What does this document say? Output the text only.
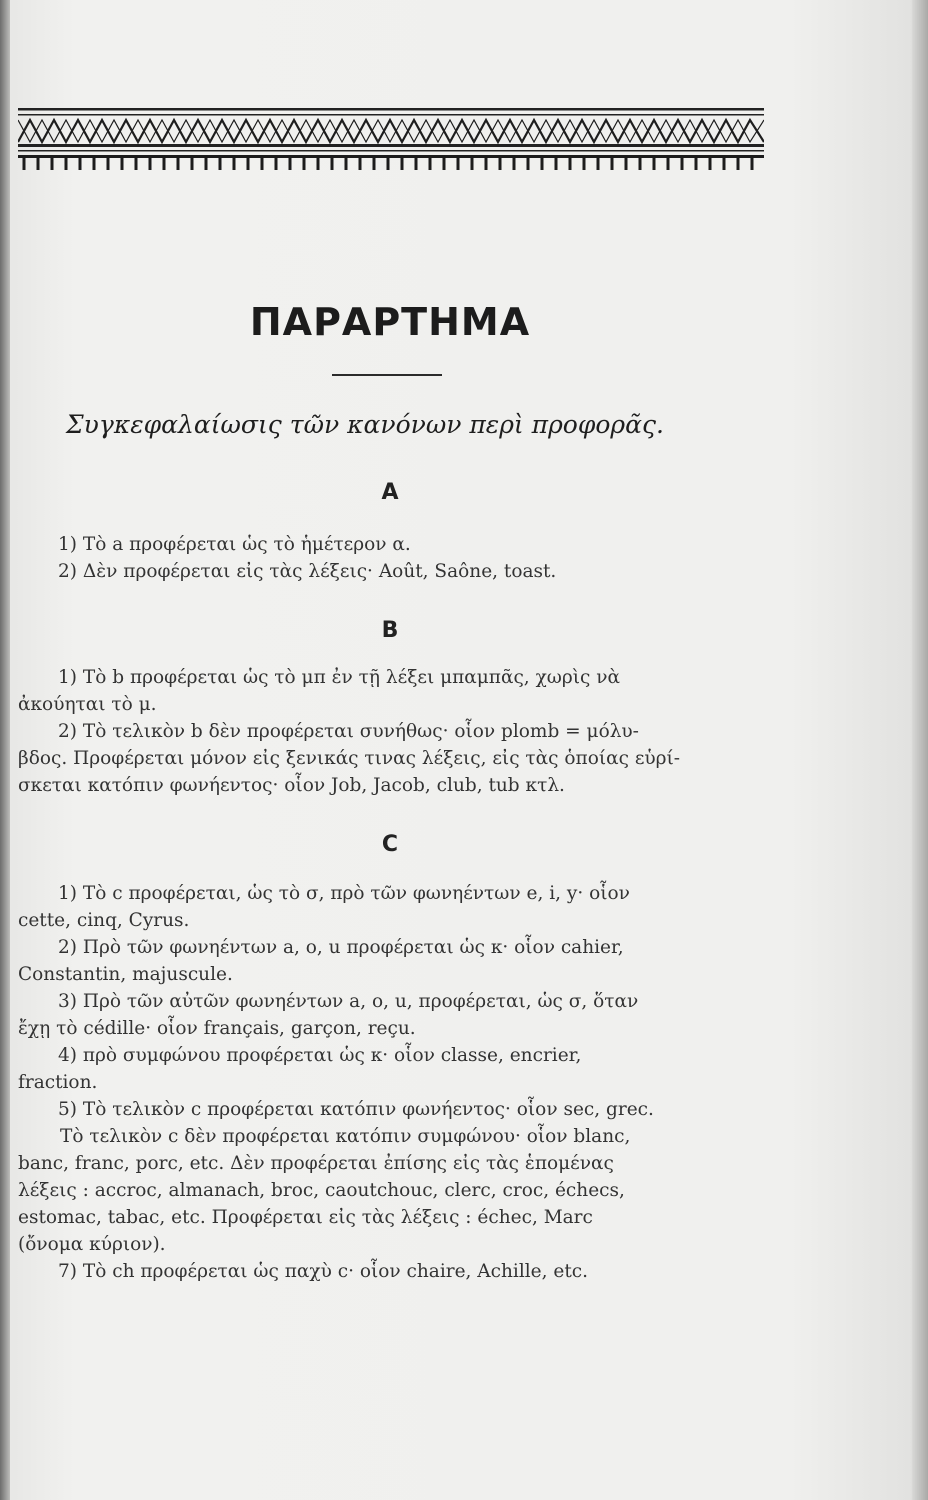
ΠΑΡΑΡΤΗΜΑ
Συγκεφαλαίωσις τῶν κανόνων περὶ προφορᾶς.
A
1) Τὸ a προφέρεται ὡς τὸ ἡμέτερον α.
2) Δὲν προφέρεται εἰς τὰς λέξεις· Août, Saône, toast.
B
1) Τὸ b προφέρεται ὡς τὸ μπ ἐν τῇ λέξει μπαμπᾶς, χωρὶς νὰ
ἀκούηται τὸ μ.
2) Τὸ τελικὸν b δὲν προφέρεται συνήθως· οἷον plomb = μόλυ-
βδος. Προφέρεται μόνον εἰς ξενικάς τινας λέξεις, εἰς τὰς ὁποίας εὑρί-
σκεται κατόπιν φωνήεντος· οἷον Job, Jacob, club, tub κτλ.
C
1) Τὸ c προφέρεται, ὡς τὸ σ, πρὸ τῶν φωνηέντων e, i, y· οἷον
cette, cinq, Cyrus.
2) Πρὸ τῶν φωνηέντων a, o, u προφέρεται ὡς κ· οἷον cahier,
Constantin, majuscule.
3) Πρὸ τῶν αὐτῶν φωνηέντων a, o, u, προφέρεται, ὡς σ, ὅταν
ἔχῃ τὸ cédille· οἷον français, garçon, reçu.
4) πρὸ συμφώνου προφέρεται ὡς κ· οἷον classe, encrier,
fraction.
5) Τὸ τελικὸν c προφέρεται κατόπιν φωνήεντος· οἷον sec, grec.
Τὸ τελικὸν c δὲν προφέρεται κατόπιν συμφώνου· οἷον blanc,
banc, franc, porc, etc. Δὲν προφέρεται ἐπίσης εἰς τὰς ἑπομένας
λέξεις : accroc, almanach, broc, caoutchouc, clerc, croc, échecs,
estomac, tabac, etc. Προφέρεται εἰς τὰς λέξεις : échec, Marc
(ὄνομα κύριον).
7) Τὸ ch προφέρεται ὡς παχὺ c· οἷον chaire, Achille, etc.
